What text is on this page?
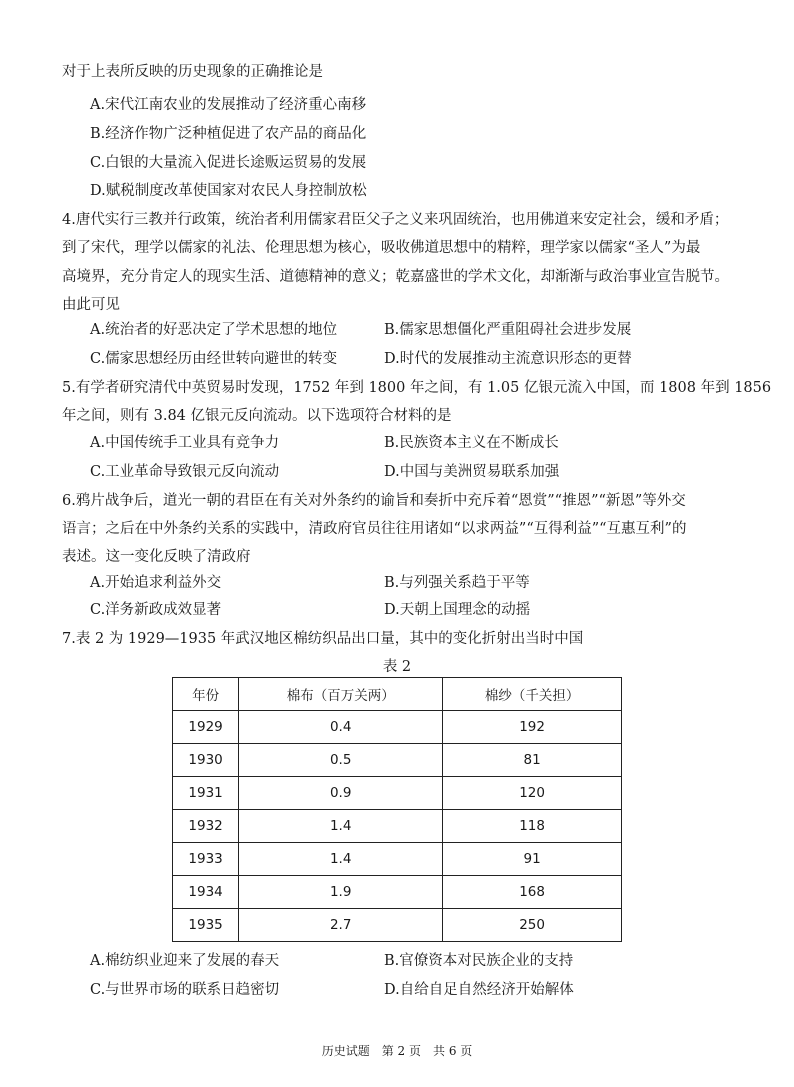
对于上表所反映的历史现象的正确推论是
A.宋代江南农业的发展推动了经济重心南移
B.经济作物广泛种植促进了农产品的商品化
C.白银的大量流入促进长途贩运贸易的发展
D.赋税制度改革使国家对农民人身控制放松
4.唐代实行三教并行政策，统治者利用儒家君臣父子之义来巩固统治，也用佛道来安定社会，缓和矛盾；
到了宋代，理学以儒家的礼法、伦理思想为核心，吸收佛道思想中的精粹，理学家以儒家“圣人”为最
高境界，充分肯定人的现实生活、道德精神的意义；乾嘉盛世的学术文化，却渐渐与政治事业宣告脱节。
由此可见
A.统治者的好恶决定了学术思想的地位	B.儒家思想僵化严重阻碍社会进步发展
C.儒家思想经历由经世转向避世的转变	D.时代的发展推动主流意识形态的更替
5.有学者研究清代中英贸易时发现，1752 年到 1800 年之间，有 1.05 亿银元流入中国，而 1808 年到 1856
年之间，则有 3.84 亿银元反向流动。以下选项符合材料的是
A.中国传统手工业具有竞争力	B.民族资本主义在不断成长
C.工业革命导致银元反向流动	D.中国与美洲贸易联系加强
6.鸦片战争后，道光一朝的君臣在有关对外条约的谕旨和奏折中充斥着“恩赏”“推恩”“新恩”等外交
语言；之后在中外条约关系的实践中，清政府官员往往用诸如“以求两益”“互得利益”“互惠互利”的
表述。这一变化反映了清政府
A.开始追求利益外交	B.与列强关系趋于平等
C.洋务新政成效显著	D.天朝上国理念的动摇
7.表 2 为 1929—1935 年武汉地区棉纺织品出口量，其中的变化折射出当时中国
表 2
年份	棉布（百万关两）	棉纱（千关担）
1929	0.4	192
1930	0.5	81
1931	0.9	120
1932	1.4	118
1933	1.4	91
1934	1.9	168
1935	2.7	250
A.棉纺织业迎来了发展的春天	B.官僚资本对民族企业的支持
C.与世界市场的联系日趋密切	D.自给自足自然经济开始解体
历史试题　第 2 页　共 6 页
